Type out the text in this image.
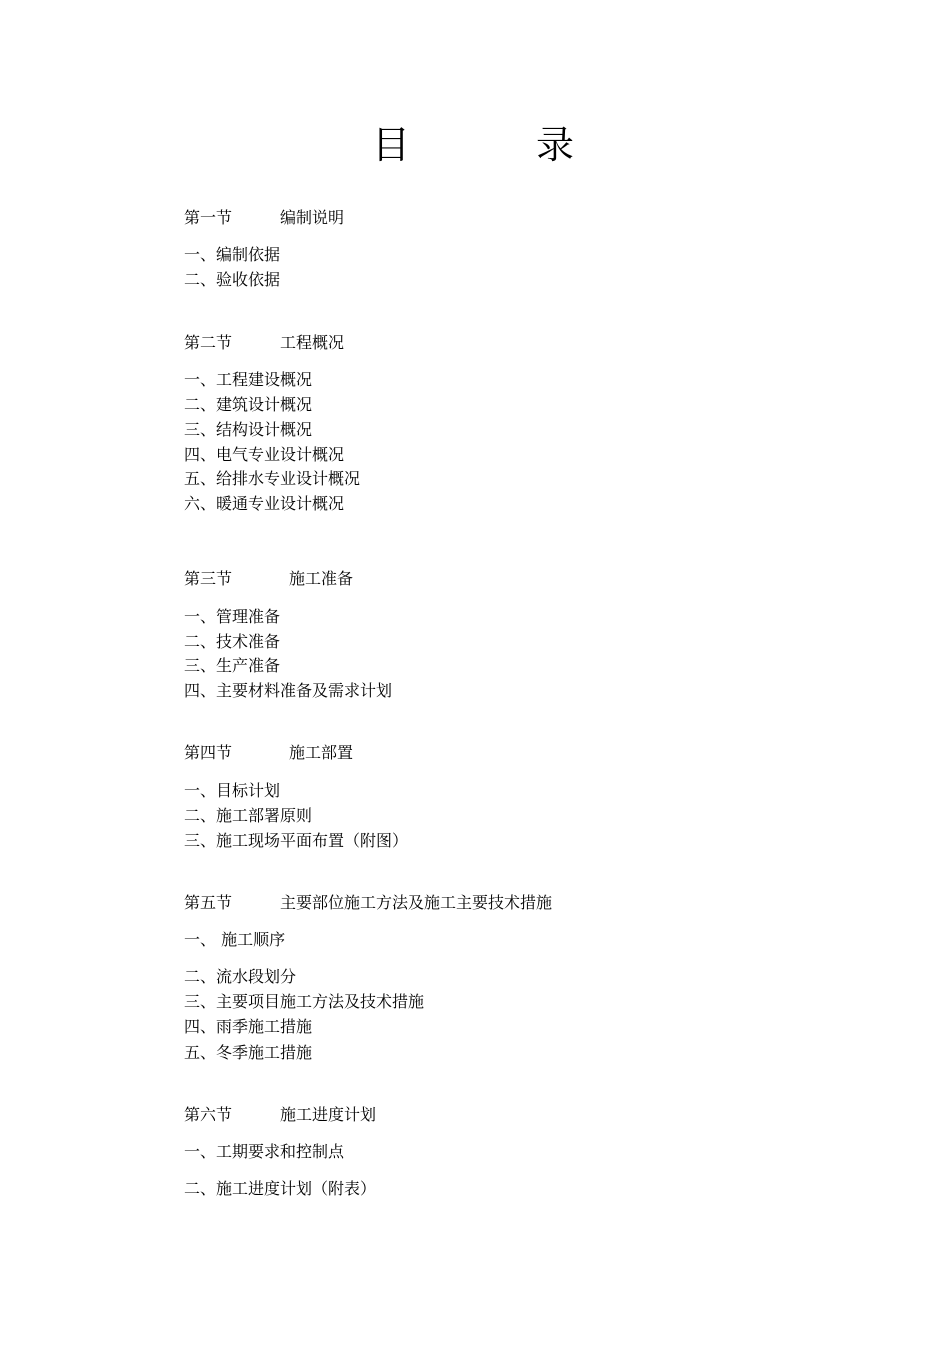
目	录
第一节	编制说明
一、编制依据
二、验收依据
第二节	工程概况
一、工程建设概况
二、建筑设计概况
三、结构设计概况
四、电气专业设计概况
五、给排水专业设计概况
六、暖通专业设计概况
第三节	施工准备
一、管理准备
二、技术准备
三、生产准备
四、主要材料准备及需求计划
第四节	施工部置
一、目标计划
二、施工部署原则
三、施工现场平面布置（附图）
第五节	主要部位施工方法及施工主要技术措施
一、 施工顺序
二、流水段划分
三、主要项目施工方法及技术措施
四、雨季施工措施
五、冬季施工措施
第六节	施工进度计划
一、工期要求和控制点
二、施工进度计划（附表）
